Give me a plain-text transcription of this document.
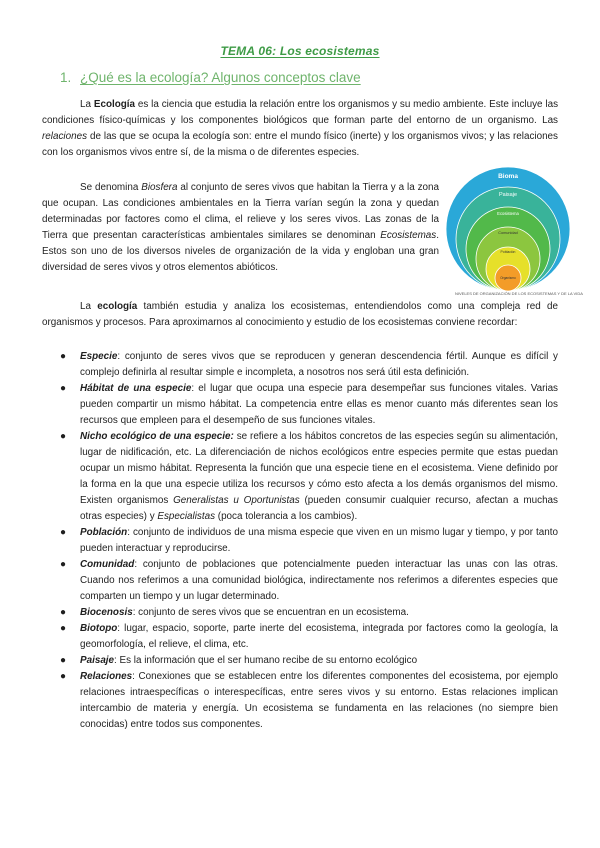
TEMA 06: Los ecosistemas
1. ¿Qué es la ecología? Algunos conceptos clave
La Ecología es la ciencia que estudia la relación entre los organismos y su medio ambiente. Este incluye las condiciones físico-químicas y los componentes biológicos que forman parte del entorno de un organismo. Las relaciones de las que se ocupa la ecología son: entre el mundo físico (inerte) y los organismos vivos; y las relaciones con los organismos vivos entre sí, de la misma o de diferentes especies.
Se denomina Biosfera al conjunto de seres vivos que habitan la Tierra y a la zona que ocupan. Las condiciones ambientales en la Tierra varían según la zona y quedan determinadas por factores como el clima, el relieve y los seres vivos. Las zonas de la Tierra que presentan características ambientales similares se denominan Ecosistemas. Estos son uno de los diversos niveles de organización de la vida y engloban una gran diversidad de seres vivos y otros elementos abióticos.
Bioma
Paisaje
Ecosistema
Comunidad
Población
Organismo
NIVELES DE ORGANIZACIÓN DE LOS ECOSISTEMAS Y DE LA VIDA
La ecología también estudia y analiza los ecosistemas, entendiendolos como una compleja red de organismos y procesos. Para aproximarnos al conocimiento y estudio de los ecosistemas conviene recordar:
● Especie: conjunto de seres vivos que se reproducen y generan descendencia fértil. Aunque es difícil y complejo definirla al resultar simple e incompleta, a nosotros nos será útil esta definición.
● Hábitat de una especie: el lugar que ocupa una especie para desempeñar sus funciones vitales. Varias pueden compartir un mismo hábitat. La competencia entre ellas es menor cuanto más diferentes sean los recursos que empleen para el desempeño de sus funciones vitales.
● Nicho ecológico de una especie: se refiere a los hábitos concretos de las especies según su alimentación, lugar de nidificación, etc. La diferenciación de nichos ecológicos entre especies permite que estas puedan ocupar un mismo hábitat. Representa la función que una especie tiene en el ecosistema. Viene definido por la forma en la que una especie utiliza los recursos y cómo esto afecta a los demás organismos del mismo. Existen organismos Generalistas u Oportunistas (pueden consumir cualquier recurso, afectan a muchas otras especies) y Especialistas (poca tolerancia a los cambios).
● Población: conjunto de individuos de una misma especie que viven en un mismo lugar y tiempo, y por tanto pueden interactuar y reproducirse.
● Comunidad: conjunto de poblaciones que potencialmente pueden interactuar las unas con las otras. Cuando nos referimos a una comunidad biológica, indirectamente nos referimos a diferentes especies que comparten un tiempo y un lugar determinado.
● Biocenosis: conjunto de seres vivos que se encuentran en un ecosistema.
● Biotopo: lugar, espacio, soporte, parte inerte del ecosistema, integrada por factores como la geología, la geomorfología, el relieve, el clima, etc.
● Paisaje: Es la información que el ser humano recibe de su entorno ecológico
● Relaciones: Conexiones que se establecen entre los diferentes componentes del ecosistema, por ejemplo relaciones intraespecíficas o interespecíficas, entre seres vivos y su entorno. Estas relaciones implican intercambio de materia y energía. Un ecosistema se fundamenta en las relaciones (no siempre bien conocidas) entre todos sus componentes.
